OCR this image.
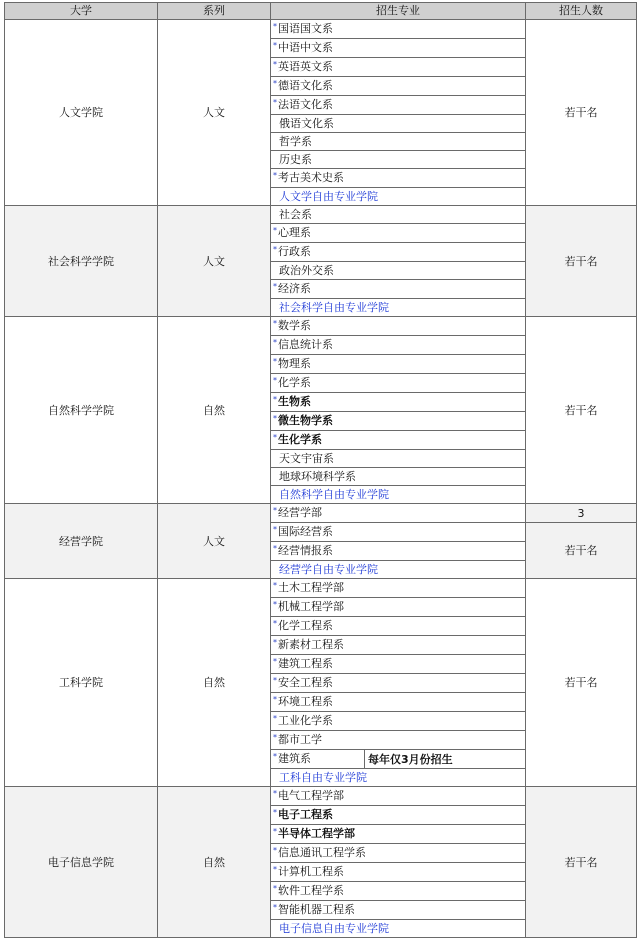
大学	系列	招生专业		招生人数
人文学院	人文	*国语国文系		若干名
		*中语中文系		
		*英语英文系		
		*德语文化系		
		*法语文化系		
		俄语文化系		
		哲学系		
		历史系		
		*考古美术史系		
		人文学自由专业学院		
社会科学学院	人文	社会系		若干名
		*心理系		
		*行政系		
		政治外交系		
		*经济系		
		社会科学自由专业学院		
自然科学学院	自然	*数学系		若干名
		*信息统计系		
		*物理系		
		*化学系		
		*生物系		
		*微生物学系		
		*生化学系		
		天文宇宙系		
		地球环境科学系		
		自然科学自由专业学院		
经营学院	人文	*经营学部		3
		*国际经营系		若干名
		*经营情报系		
		经营学自由专业学院		
工科学院	自然	*土木工程学部		若干名
		*机械工程学部		
		*化学工程系		
		*新素材工程系		
		*建筑工程系		
		*安全工程系		
		*环境工程系		
		*工业化学系		
		*都市工学		
		*建筑系	每年仅3月份招生	
		工科自由专业学院		
电子信息学院	自然	*电气工程学部		若干名
		*电子工程系		
		*半导体工程学部		
		*信息通讯工程学系		
		*计算机工程系		
		*软件工程学系		
		*智能机器工程系		
		电子信息自由专业学院		
